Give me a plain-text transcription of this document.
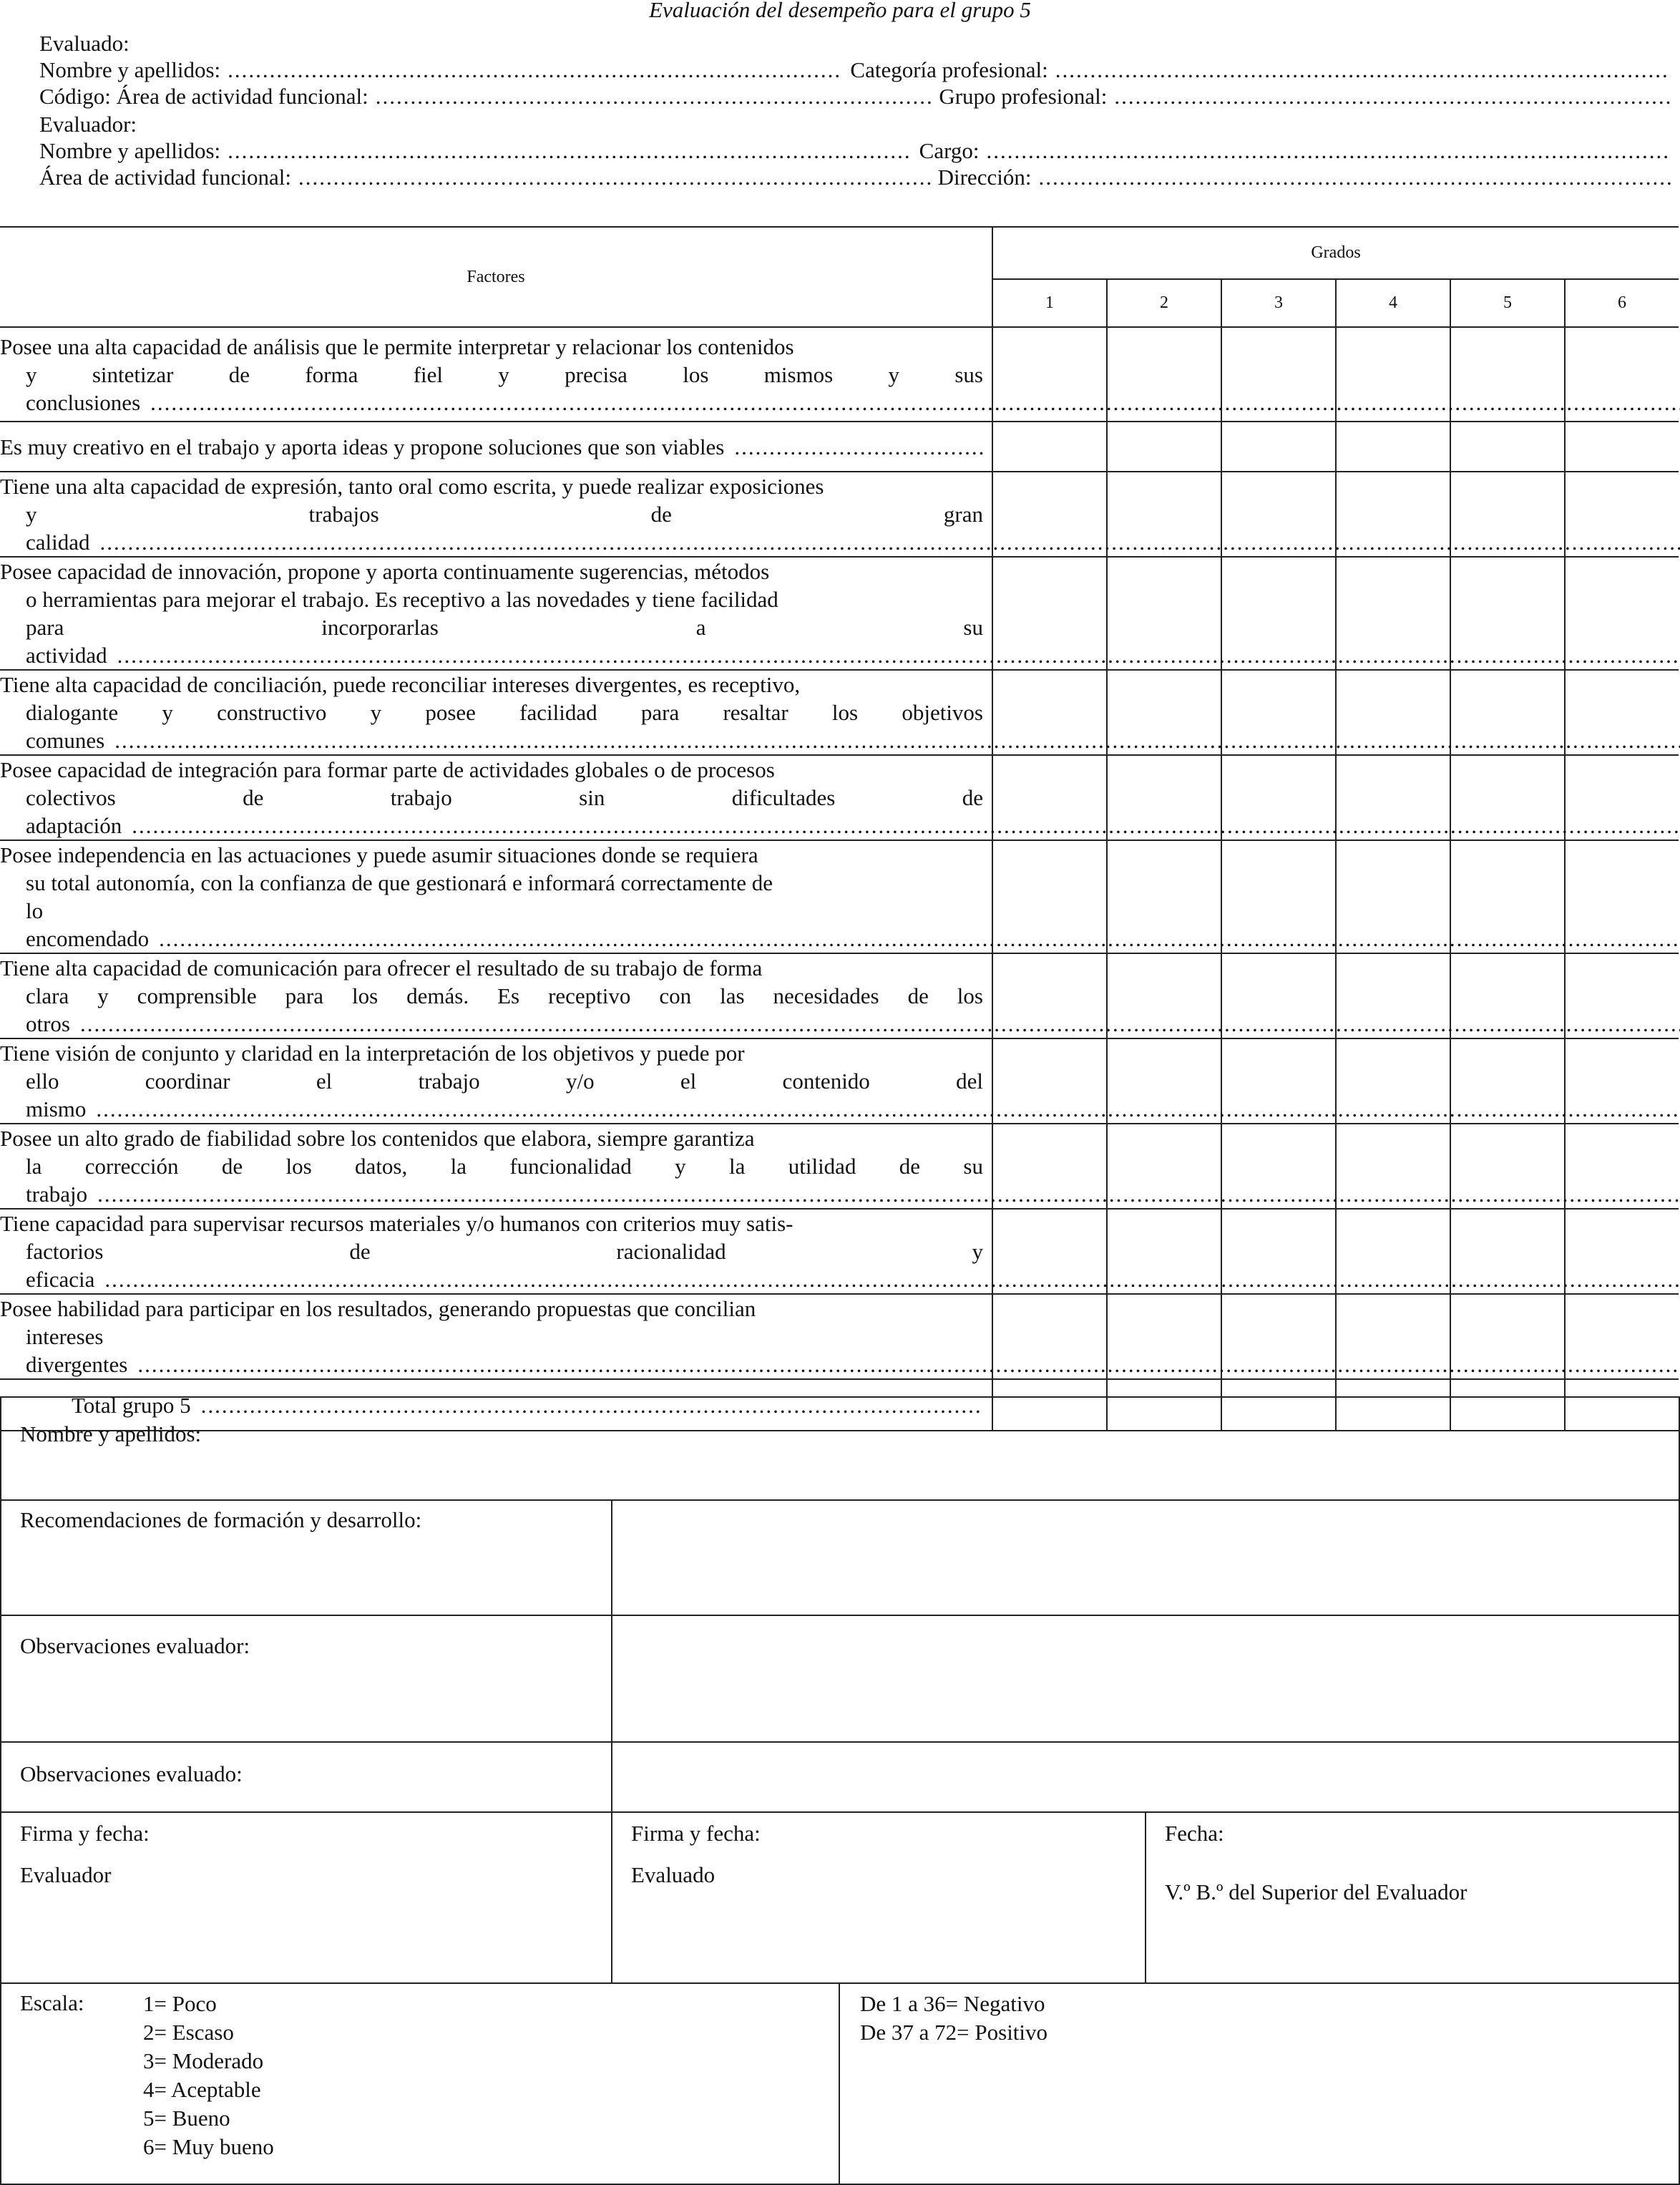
Evaluación del desempeño para el grupo 5
Evaluado:
Nombre y apellidos: .....	Categoría profesional:
.....
Código: Área de actividad funcional: .....	Grupo profesional:
.....
Evaluador:
Nombre y apellidos: .....	Cargo:
.....
Área de actividad funcional: .....	Dirección:
.....
Factores	Grados					
	1	2	3	4	5	6

Posee una alta capacidad de análisis que le permite interpretar y relacionar los contenidos
y sintetizar de forma fiel y precisa los mismos y sus conclusiones .....

Es muy creativo en el trabajo y aporta ideas y propone soluciones que son viables
.....

Tiene una alta capacidad de expresión, tanto oral como escrita, y puede realizar exposiciones
y trabajos de gran calidad .....

Posee capacidad de innovación, propone y aporta continuamente sugerencias, métodos
o herramientas para mejorar el trabajo. Es receptivo a las novedades y tiene facilidad
para incorporarlas a su actividad .....

Tiene alta capacidad de conciliación, puede reconciliar intereses divergentes, es receptivo,
dialogante y constructivo y posee facilidad para resaltar los objetivos comunes .....

Posee capacidad de integración para formar parte de actividades globales o de procesos
colectivos de trabajo sin dificultades de adaptación .....

Posee independencia en las actuaciones y puede asumir situaciones donde se requiera
su total autonomía, con la confianza de que gestionará e informará correctamente de
lo encomendado .....

Tiene alta capacidad de comunicación para ofrecer el resultado de su trabajo de forma
clara y comprensible para los demás. Es receptivo con las necesidades de los otros .....

Tiene visión de conjunto y claridad en la interpretación de los objetivos y puede por
ello coordinar el trabajo y/o el contenido del mismo .....

Posee un alto grado de fiabilidad sobre los contenidos que elabora, siempre garantiza
la corrección de los datos, la funcionalidad y la utilidad de su trabajo .....

Tiene capacidad para supervisar recursos materiales y/o humanos con criterios muy satis-
factorios de racionalidad y eficacia .....

Posee habilidad para participar en los resultados, generando propuestas que concilian
intereses divergentes .....

Total grupo 5
.....

Nombre y apellidos:
Recomendaciones de formación y desarrollo:
Observaciones evaluador:
Observaciones evaluado:
Firma y fecha:
Evaluador
Firma y fecha:
Evaluado
Fecha:
V.º B.º del Superior del Evaluador
Escala:	1= Poco
2= Escaso
3= Moderado
4= Aceptable
5= Bueno
6= Muy bueno
De 1 a 36= Negativo
De 37 a 72= Positivo
